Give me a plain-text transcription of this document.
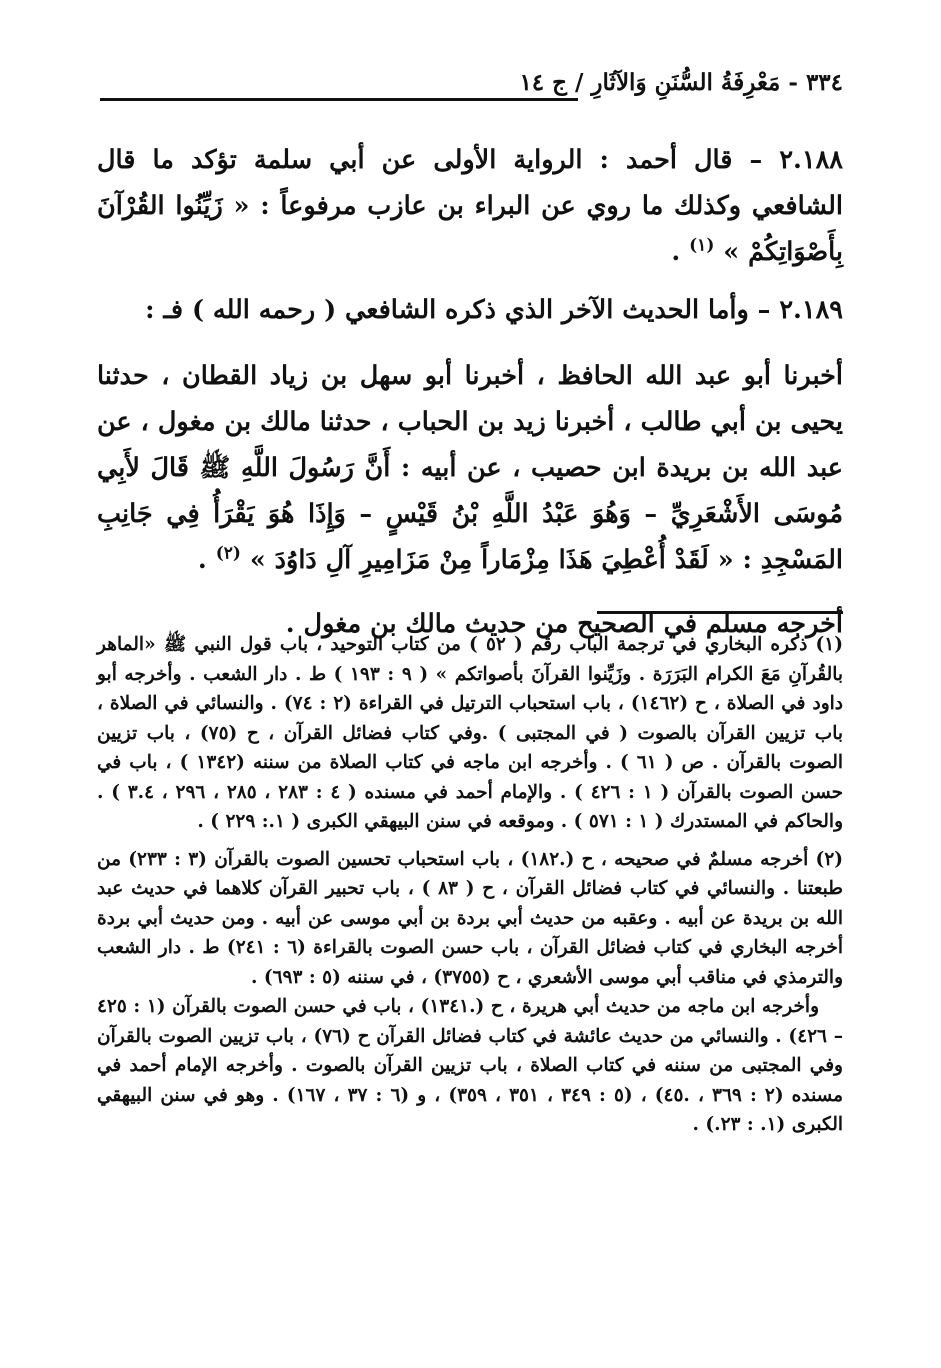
٣٣٤ - مَعْرِفَةُ السُّنَنِ وَالآثَارِ / ج ١٤

٢.١٨٨ – قال أحمد : الرواية الأولى عن أبي سلمة تؤكد ما قال الشافعي وكذلك ما روي عن البراء بن عازب مرفوعاً : « زَيِّنُوا القُرْآنَ بِأَصْوَاتِكُمْ » $^{(١)}$ .

٢.١٨٩ – وأما الحديث الآخر الذي ذكره الشافعي ( رحمه الله ) فـ :

أخبرنا أبو عبد الله الحافظ ، أخبرنا أبو سهل بن زياد القطان ، حدثنا يحيى بن أبي طالب ، أخبرنا زيد بن الحباب ، حدثنا مالك بن مغول ، عن عبد الله بن بريدة ابن حصيب ، عن أبيه : أَنَّ رَسُولَ اللَّهِ ﷺ قَالَ لأَبِي مُوسَى الأَشْعَرِيِّ – وَهُوَ عَبْدُ اللَّهِ بْنُ قَيْسٍ – وَإِذَا هُوَ يَقْرَأُ فِي جَانِبِ المَسْجِدِ : « لَقَدْ أُعْطِيَ هَذَا مِزْمَاراً مِنْ مَزَامِيرِ آلِ دَاوُدَ » $^{(٢)}$ .

أخرجه مسلم في الصحيح من حديث مالك بن مغول .

(١) ذكره البخاري في ترجمة الباب رقم ( ٥٢ ) من كتاب التوحيد ، باب قول النبي ﷺ «الماهر بالقُرآنِ مَعَ الكرام البَرَرَة . وزَيِّنوا القرآنَ بأصواتكم » ( ٩ : ١٩٣ ) ط . دار الشعب . وأخرجه أبو داود في الصلاة ، ح (١٤٦٢) ، باب استحباب الترتيل في القراءة (٢ : ٧٤) . والنسائي في الصلاة ، باب تزيين القرآن بالصوت ( في المجتبى ) .وفي كتاب فضائل القرآن ، ح (٧٥) ، باب تزيين الصوت بالقرآن . ص ( ٦١ ) . وأخرجه ابن ماجه في كتاب الصلاة من سننه (١٣٤٢ ) ، باب في حسن الصوت بالقرآن ( ١ : ٤٢٦ ) . والإمام أحمد في مسنده ( ٤ : ٢٨٣ ، ٢٨٥ ، ٢٩٦ ، ٣.٤ ) . والحاكم في المستدرك ( ١ : ٥٧١ ) . وموقعه في سنن البيهقي الكبرى ( ١.: ٢٢٩ ) .

(٢) أخرجه مسلمٌ في صحيحه ، ح (.١٨٢) ، باب استحباب تحسين الصوت بالقرآن (٣ : ٢٣٣) من طبعتنا . والنسائي في كتاب فضائل القرآن ، ح ( ٨٣ ) ، باب تحبير القرآن كلاهما في حديث عبد الله بن بريدة عن أبيه . وعقبه من حديث أبي بردة بن أبي موسى عن أبيه . ومن حديث أبي بردة أخرجه البخاري في كتاب فضائل القرآن ، باب حسن الصوت بالقراءة (٦ : ٢٤١) ط . دار الشعب والترمذي في مناقب أبي موسى الأشعري ، ح (٣٧٥٥) ، في سننه (٥ : ٦٩٣) .

وأخرجه ابن ماجه من حديث أبي هريرة ، ح (.١٣٤١) ، باب في حسن الصوت بالقرآن (١ : ٤٢٥ – ٤٢٦) . والنسائي من حديث عائشة في كتاب فضائل القرآن ح (٧٦) ، باب تزيين الصوت بالقرآن وفي المجتبى من سننه في كتاب الصلاة ، باب تزيين القرآن بالصوت . وأخرجه الإمام أحمد في مسنده (٢ : ٣٦٩ ، .٤٥) ، (٥ : ٣٤٩ ، ٣٥١ ، ٣٥٩) ، و (٦ : ٣٧ ، ١٦٧) . وهو في سنن البيهقي الكبرى (١. : ٢٣.) .
